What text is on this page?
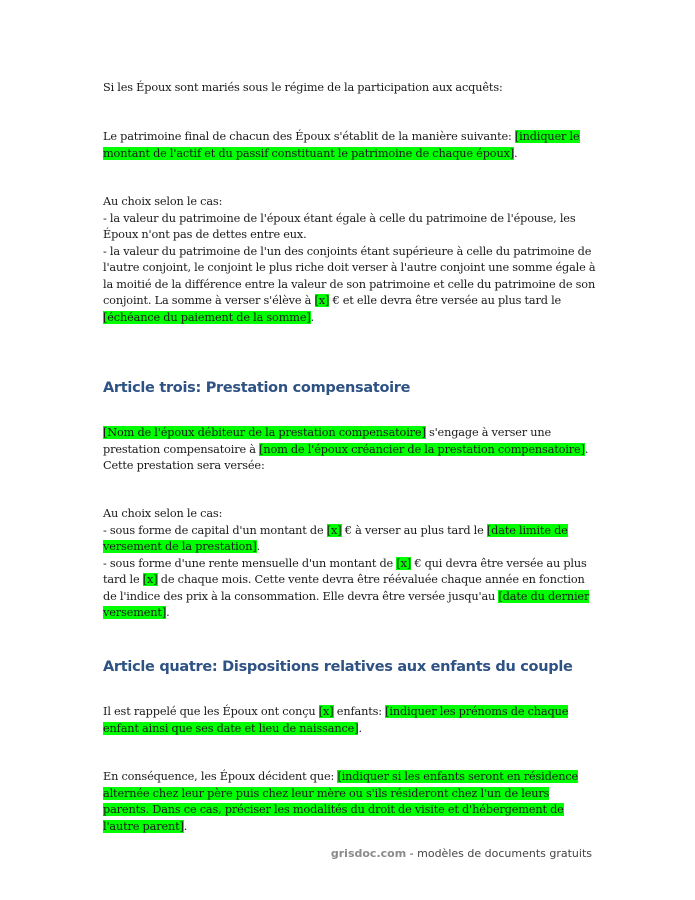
Si les Époux sont mariés sous le régime de la participation aux acquêts:

Le patrimoine final de chacun des Époux s'établit de la manière suivante: [indiquer le montant de l'actif et du passif constituant le patrimoine de chaque époux].

Au choix selon le cas:
- la valeur du patrimoine de l'époux étant égale à celle du patrimoine de l'épouse, les Époux n'ont pas de dettes entre eux.
- la valeur du patrimoine de l'un des conjoints étant supérieure à celle du patrimoine de l'autre conjoint, le conjoint le plus riche doit verser à l'autre conjoint une somme égale à la moitié de la différence entre la valeur de son patrimoine et celle du patrimoine de son conjoint. La somme à verser s'élève à [x] € et elle devra être versée au plus tard le [échéance du paiement de la somme].

Article trois: Prestation compensatoire

[Nom de l'époux débiteur de la prestation compensatoire] s'engage à verser une prestation compensatoire à [nom de l'époux créancier de la prestation compensatoire]. Cette prestation sera versée:

Au choix selon le cas:
- sous forme de capital d'un montant de [x] € à verser au plus tard le [date limite de versement de la prestation].
- sous forme d'une rente mensuelle d'un montant de [x] € qui devra être versée au plus tard le [x] de chaque mois. Cette vente devra être réévaluée chaque année en fonction de l'indice des prix à la consommation. Elle devra être versée jusqu'au [date du dernier versement].

Article quatre: Dispositions relatives aux enfants du couple

Il est rappelé que les Époux ont conçu [x] enfants: [indiquer les prénoms de chaque enfant ainsi que ses date et lieu de naissance].

En conséquence, les Époux décident que: [indiquer si les enfants seront en résidence alternée chez leur père puis chez leur mère ou s'ils résideront chez l'un de leurs parents. Dans ce cas, préciser les modalités du droit de visite et d'hébergement de l'autre parent].

grisdoc.com - modèles de documents gratuits
